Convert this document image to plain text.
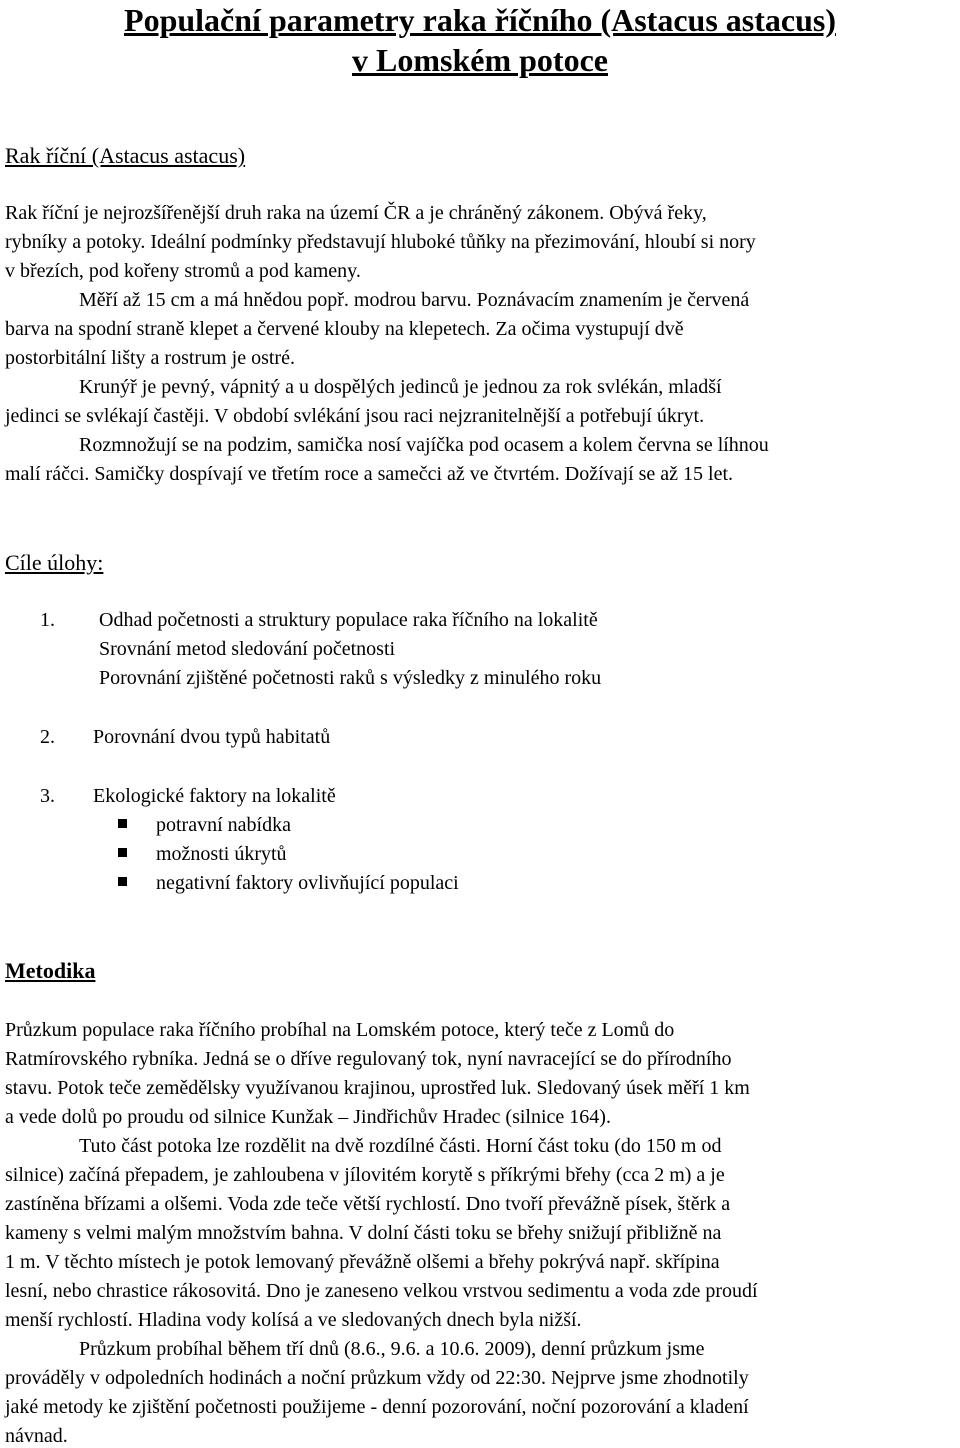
Populační parametry raka říčního (Astacus astacus)
v Lomském potoce
Rak říční (Astacus astacus)
Rak říční je nejrozšířenější druh raka na území ČR a je chráněný zákonem. Obývá řeky,
rybníky a potoky. Ideální podmínky představují hluboké tůňky na přezimování, hloubí si nory
v březích, pod kořeny stromů a pod kameny.
Měří až 15 cm a má hnědou popř. modrou barvu. Poznávacím znamením je červená
barva na spodní straně klepet a červené klouby na klepetech. Za očima vystupují dvě
postorbitální lišty a rostrum je ostré.
Krunýř je pevný, vápnitý a u dospělých jedinců je jednou za rok svlékán, mladší
jedinci se svlékají častěji. V období svlékání jsou raci nejzranitelnější a potřebují úkryt.
Rozmnožují se na podzim, samička nosí vajíčka pod ocasem a kolem června se líhnou
malí ráčci. Samičky dospívají ve třetím roce a samečci až ve čtvrtém. Dožívají se až 15 let.
Cíle úlohy:
1. Odhad početnosti a struktury populace raka říčního na lokalitě
Srovnání metod sledování početnosti
Porovnání zjištěné početnosti raků s výsledky z minulého roku
2. Porovnání dvou typů habitatů
3. Ekologické faktory na lokalitě
potravní nabídka
možnosti úkrytů
negativní faktory ovlivňující populaci
Metodika
Průzkum populace raka říčního probíhal na Lomském potoce, který teče z Lomů do
Ratmírovského rybníka. Jedná se o dříve regulovaný tok, nyní navracející se do přírodního
stavu. Potok teče zemědělsky využívanou krajinou, uprostřed luk. Sledovaný úsek měří 1 km
a vede dolů po proudu od silnice Kunžak – Jindřichův Hradec (silnice 164).
Tuto část potoka lze rozdělit na dvě rozdílné části. Horní část toku (do 150 m od
silnice) začíná přepadem, je zahloubena v jílovitém korytě s příkrými břehy (cca 2 m) a je
zastíněna břízami a olšemi. Voda zde teče větší rychlostí. Dno tvoří převážně písek, štěrk a
kameny s velmi malým množstvím bahna. V dolní části toku se břehy snižují přibližně na
1 m. V těchto místech je potok lemovaný převážně olšemi a břehy pokrývá např. skřípina
lesní, nebo chrastice rákosovitá. Dno je zaneseno velkou vrstvou sedimentu a voda zde proudí
menší rychlostí. Hladina vody kolísá a ve sledovaných dnech byla nižší.
Průzkum probíhal během tří dnů (8.6., 9.6. a 10.6. 2009), denní průzkum jsme
prováděly v odpoledních hodinách a noční průzkum vždy od 22:30. Nejprve jsme zhodnotily
jaké metody ke zjištění početnosti použijeme - denní pozorování, noční pozorování a kladení
návnad.
